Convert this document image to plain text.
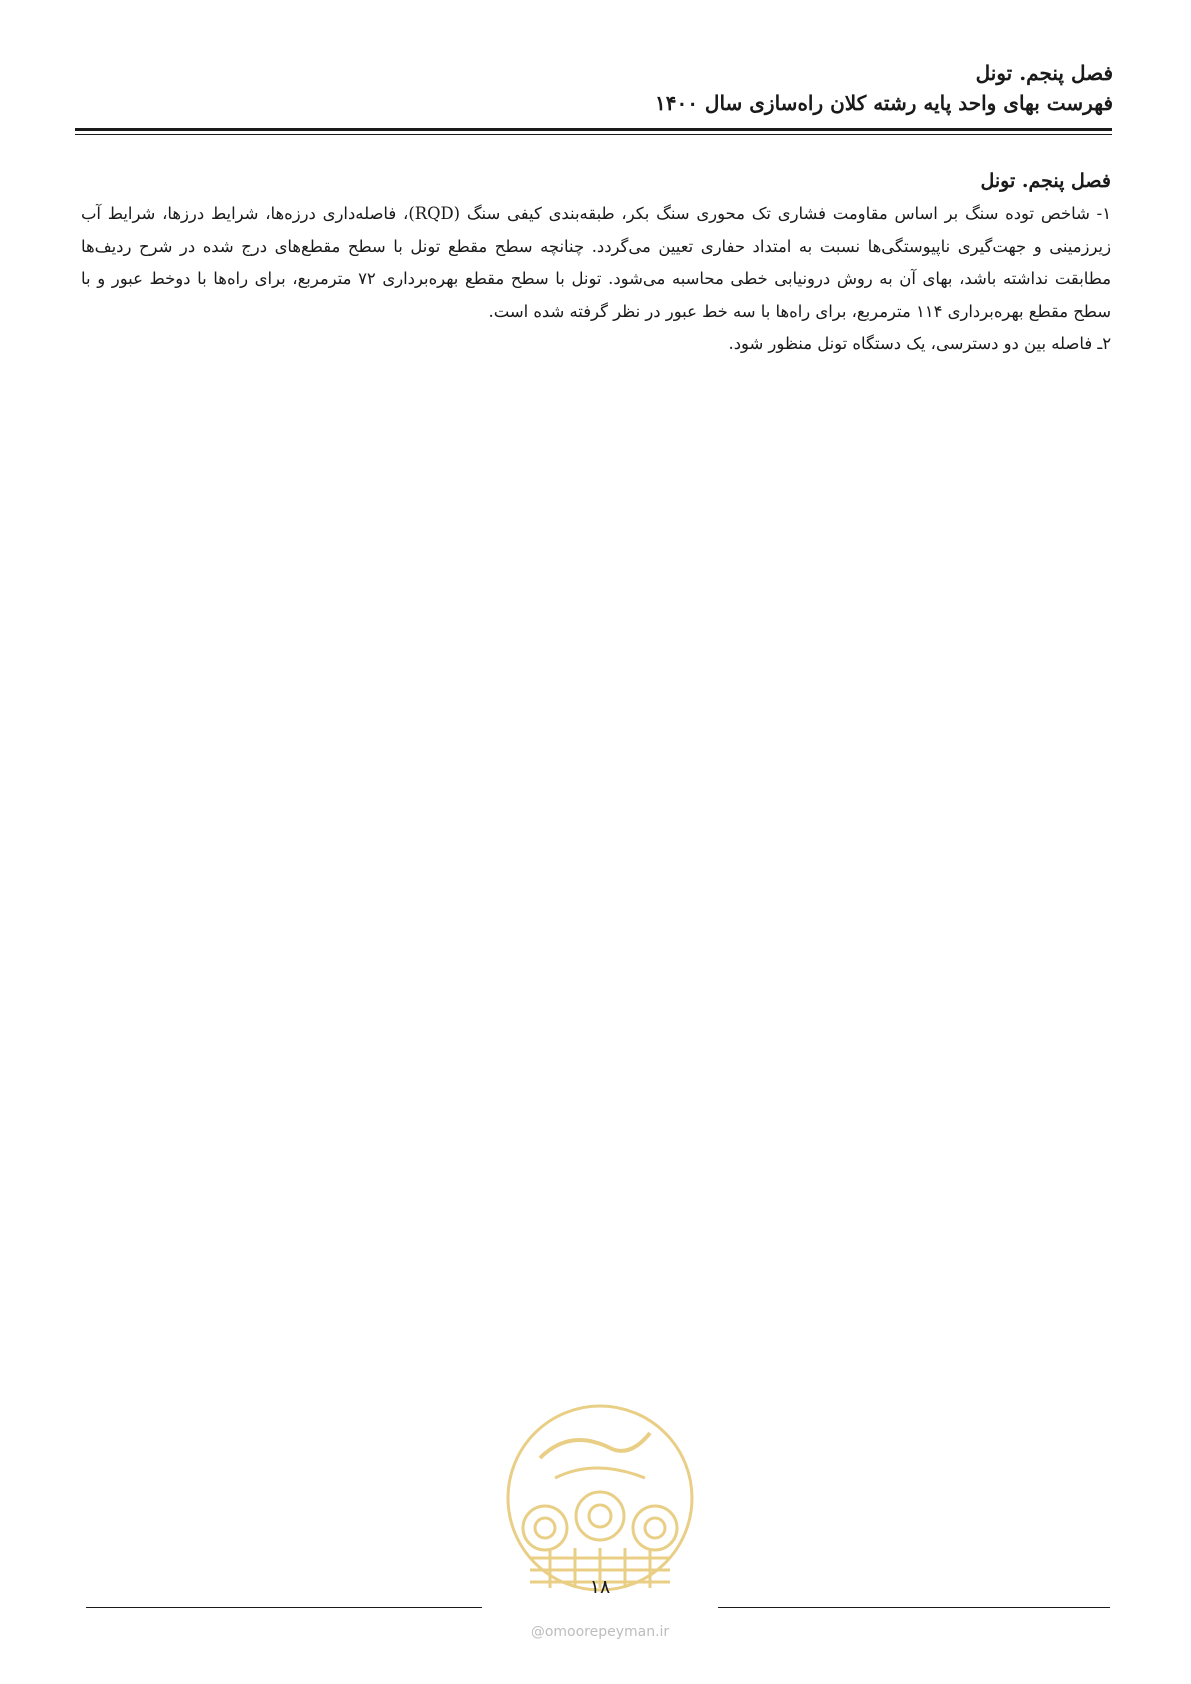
فصل پنجم. تونل
فهرست بهای واحد پایه رشته کلان راه‌سازی سال ۱۴۰۰
فصل پنجم. تونل

۱- شاخص توده سنگ بر اساس مقاومت فشاری تک محوری سنگ بکر، طبقه‌بندی کیفی سنگ (RQD)، فاصله‌داری درزه‌ها، شرایط درزها، شرایط آب زیرزمینی و جهت‌گیری ناپیوستگی‌ها نسبت به امتداد حفاری تعیین می‌گردد. چنانچه سطح مقطع تونل با سطح مقطع‌های درج شده در شرح ردیف‌ها مطابقت نداشته باشد، بهای آن به روش درونیابی خطی محاسبه می‌شود. تونل با سطح مقطع بهره‌برداری ۷۲ مترمربع، برای راه‌ها با دوخط عبور و با سطح مقطع بهره‌برداری ۱۱۴ مترمربع، برای راه‌ها با سه خط عبور در نظر گرفته شده است.

۲ـ فاصله بین دو دسترسی، یک دستگاه تونل منظور شود.

۱۸
@omoorepeyman.ir
